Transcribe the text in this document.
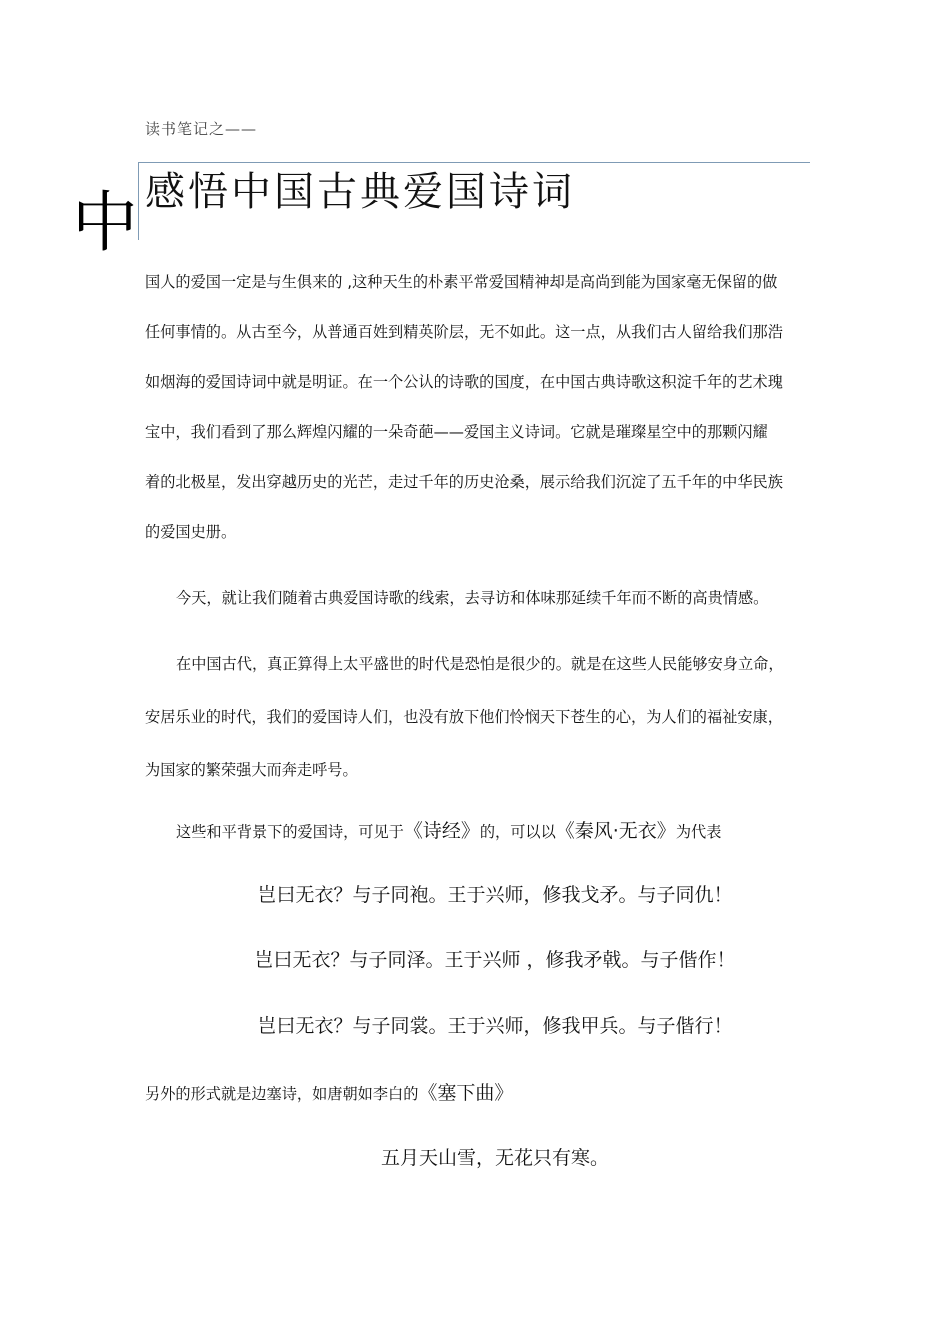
读书笔记之——
感悟中国古典爱国诗词
中
国人的爱国一定是与生俱来的 ,这种天生的朴素平常爱国精神却是高尚到能为国家毫无保留的做
任何事情的。从古至今，从普通百姓到精英阶层，无不如此。这一点，从我们古人留给我们那浩
如烟海的爱国诗词中就是明证。在一个公认的诗歌的国度，在中国古典诗歌这积淀千年的艺术瑰
宝中，我们看到了那么辉煌闪耀的一朵奇葩——爱国主义诗词。它就是璀璨星空中的那颗闪耀
着的北极星，发出穿越历史的光芒，走过千年的历史沧桑，展示给我们沉淀了五千年的中华民族
的爱国史册。
今天，就让我们随着古典爱国诗歌的线索，去寻访和体味那延续千年而不断的高贵情感。
在中国古代，真正算得上太平盛世的时代是恐怕是很少的。就是在这些人民能够安身立命，
安居乐业的时代，我们的爱国诗人们，也没有放下他们怜悯天下苍生的心，为人们的福祉安康，
为国家的繁荣强大而奔走呼号。
这些和平背景下的爱国诗，可见于《诗经》的，可以以《秦风·无衣》为代表
岂曰无衣？与子同袍。王于兴师，修我戈矛。与子同仇！
岂曰无衣？与子同泽。王于兴师 ，修我矛戟。与子偕作！
岂曰无衣？与子同裳。王于兴师，修我甲兵。与子偕行！
另外的形式就是边塞诗，如唐朝如李白的《塞下曲》
五月天山雪，无花只有寒。
